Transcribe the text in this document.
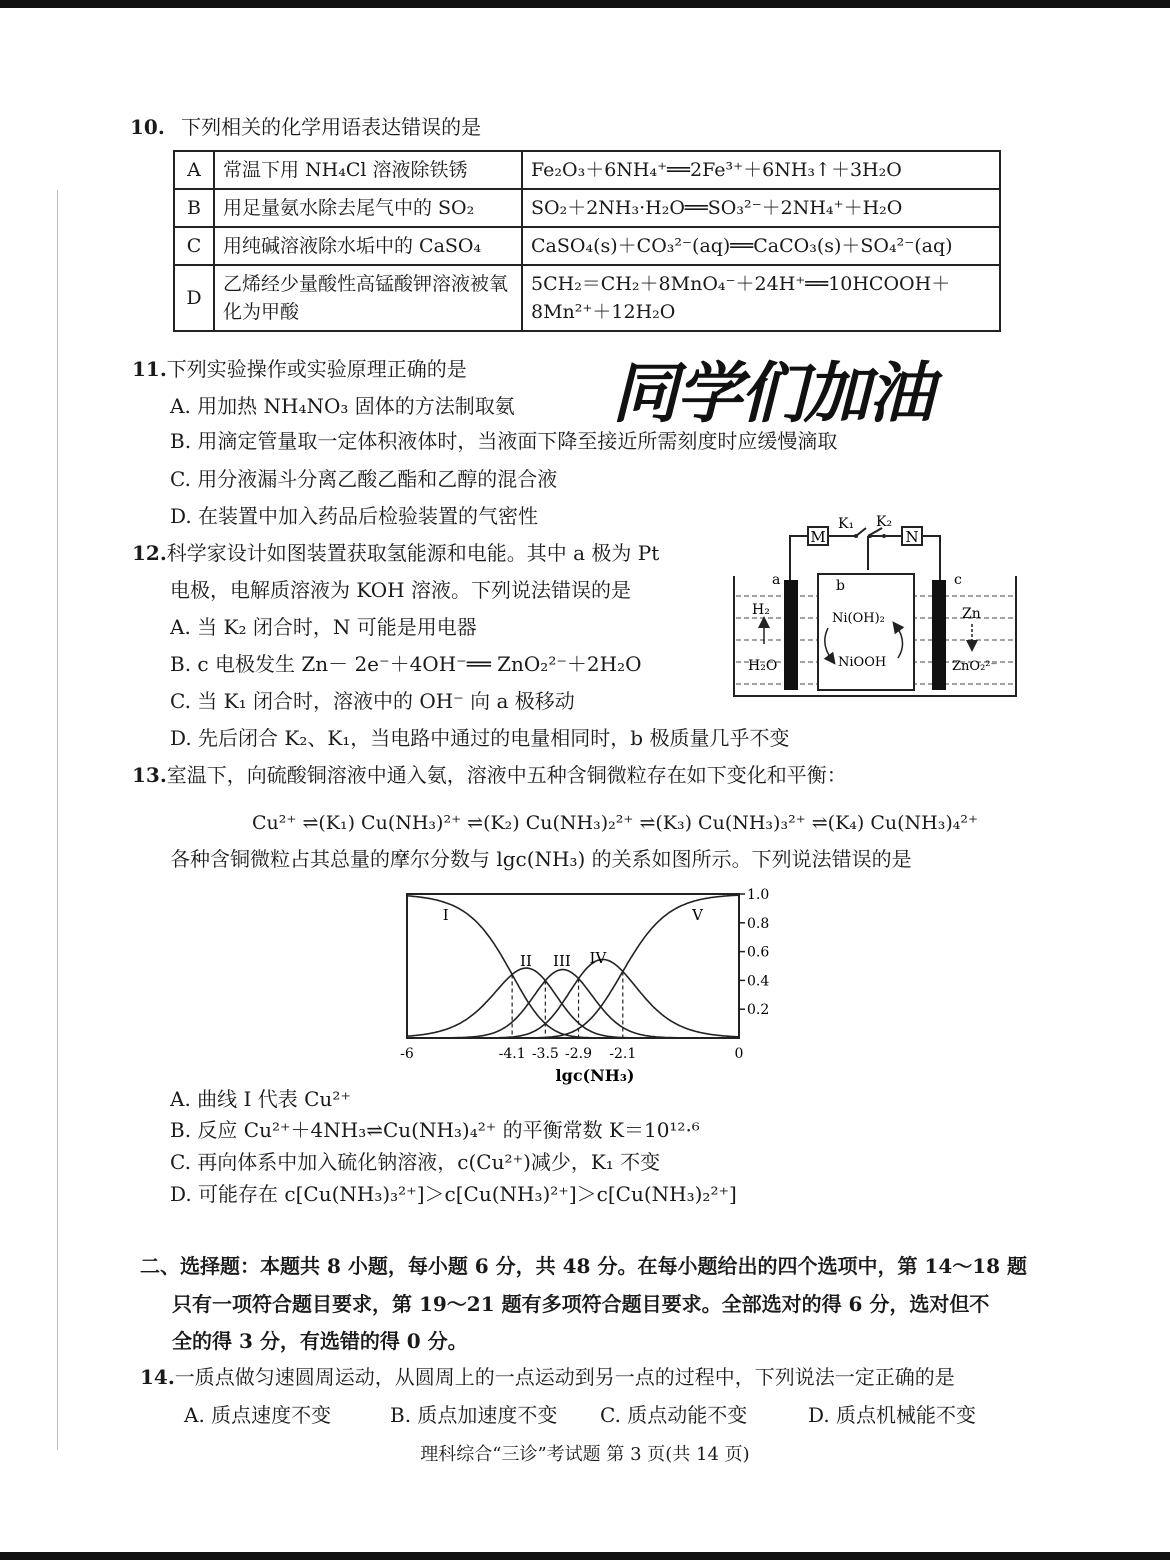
10. 下列相关的化学用语表达错误的是
A	常温下用 NH₄Cl 溶液除铁锈	Fe₂O₃＋6NH₄⁺══2Fe³⁺＋6NH₃↑＋3H₂O
B	用足量氨水除去尾气中的 SO₂	SO₂＋2NH₃·H₂O══SO₃²⁻＋2NH₄⁺＋H₂O
C	用纯碱溶液除水垢中的 CaSO₄	CaSO₄(s)＋CO₃²⁻(aq)══CaCO₃(s)＋SO₄²⁻(aq)
D	乙烯经少量酸性高锰酸钾溶液被氧化为甲酸	5CH₂＝CH₂＋8MnO₄⁻＋24H⁺══10HCOOH＋8Mn²⁺＋12H₂O
同学们加油
11.下列实验操作或实验原理正确的是
A. 用加热 NH₄NO₃ 固体的方法制取氨
B. 用滴定管量取一定体积液体时，当液面下降至接近所需刻度时应缓慢滴取
C. 用分液漏斗分离乙酸乙酯和乙醇的混合液
D. 在装置中加入药品后检验装置的气密性
12.科学家设计如图装置获取氢能源和电能。其中 a 极为 Pt
电极，电解质溶液为 KOH 溶液。下列说法错误的是
A. 当 K₂ 闭合时，N 可能是用电器
B. c 电极发生 Zn－ 2e⁻＋4OH⁻══ ZnO₂²⁻＋2H₂O
C. 当 K₁ 闭合时，溶液中的 OH⁻ 向 a 极移动
D. 先后闭合 K₂、K₁，当电路中通过的电量相同时，b 极质量几乎不变
M	N
K₁ K₂
a	b	c
H₂
H₂O
Ni(OH)₂
NiOOH
Zn
ZnO₂²⁻
13.室温下，向硫酸铜溶液中通入氨，溶液中五种含铜微粒存在如下变化和平衡：
Cu²⁺ ⇌(K₁) Cu(NH₃)²⁺ ⇌(K₂) Cu(NH₃)₂²⁺ ⇌(K₃) Cu(NH₃)₃²⁺ ⇌(K₄) Cu(NH₃)₄²⁺
各种含铜微粒占其总量的摩尔分数与 lgc(NH₃) 的关系如图所示。下列说法错误的是
I
II III IV
V
-6	-4.1 -3.5 -2.9 -2.1	0
1.0
0.8
0.6
0.4
0.2
lgc(NH₃)
A. 曲线 I 代表 Cu²⁺
B. 反应 Cu²⁺＋4NH₃⇌Cu(NH₃)₄²⁺ 的平衡常数 K＝10¹²·⁶
C. 再向体系中加入硫化钠溶液，c(Cu²⁺)减少，K₁ 不变
D. 可能存在 c[Cu(NH₃)₃²⁺]＞c[Cu(NH₃)²⁺]＞c[Cu(NH₃)₂²⁺]
二、选择题：本题共 8 小题，每小题 6 分，共 48 分。在每小题给出的四个选项中，第 14～18 题
只有一项符合题目要求，第 19～21 题有多项符合题目要求。全部选对的得 6 分，选对但不
全的得 3 分，有选错的得 0 分。
14.一质点做匀速圆周运动，从圆周上的一点运动到另一点的过程中，下列说法一定正确的是
A. 质点速度不变	B. 质点加速度不变 C. 质点动能不变	D. 质点机械能不变
理科综合“三诊”考试题 第 3 页(共 14 页)
